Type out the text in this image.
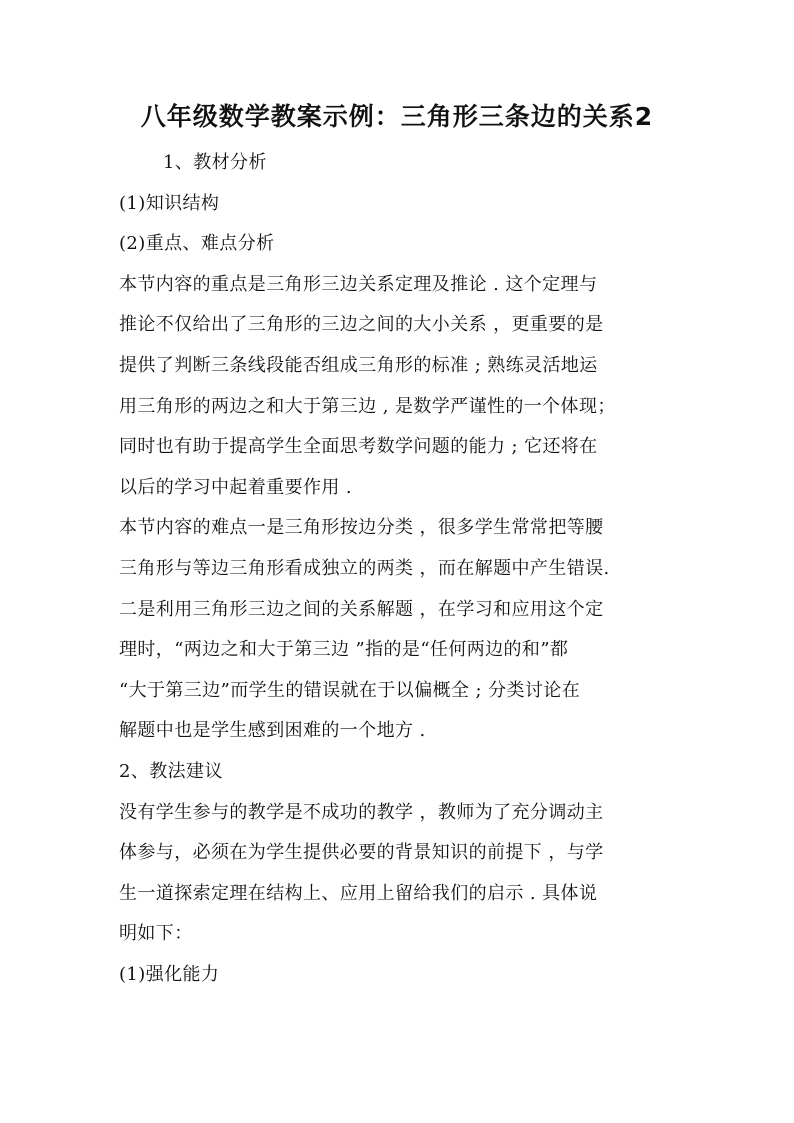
八年级数学教案示例：三角形三条边的关系2
1、教材分析
(1)知识结构
(2)重点、难点分析
本节内容的重点是三角形三边关系定理及推论 . 这个定理与
推论不仅给出了三角形的三边之间的大小关系 ，更重要的是
提供了判断三条线段能否组成三角形的标准 ; 熟练灵活地运
用三角形的两边之和大于第三边 , 是数学严谨性的一个体现；
同时也有助于提高学生全面思考数学问题的能力 ; 它还将在
以后的学习中起着重要作用 .
本节内容的难点一是三角形按边分类 ，很多学生常常把等腰
三角形与等边三角形看成独立的两类 ，而在解题中产生错误.
二是利用三角形三边之间的关系解题 ，在学习和应用这个定
理时，“两边之和大于第三边 ”指的是“任何两边的和”都
“大于第三边”而学生的错误就在于以偏概全 ; 分类讨论在
解题中也是学生感到困难的一个地方 .
2、教法建议
没有学生参与的教学是不成功的教学 ，教师为了充分调动主
体参与，必须在为学生提供必要的背景知识的前提下 ，与学
生一道探索定理在结构上、应用上留给我们的启示 . 具体说
明如下：
(1)强化能力
